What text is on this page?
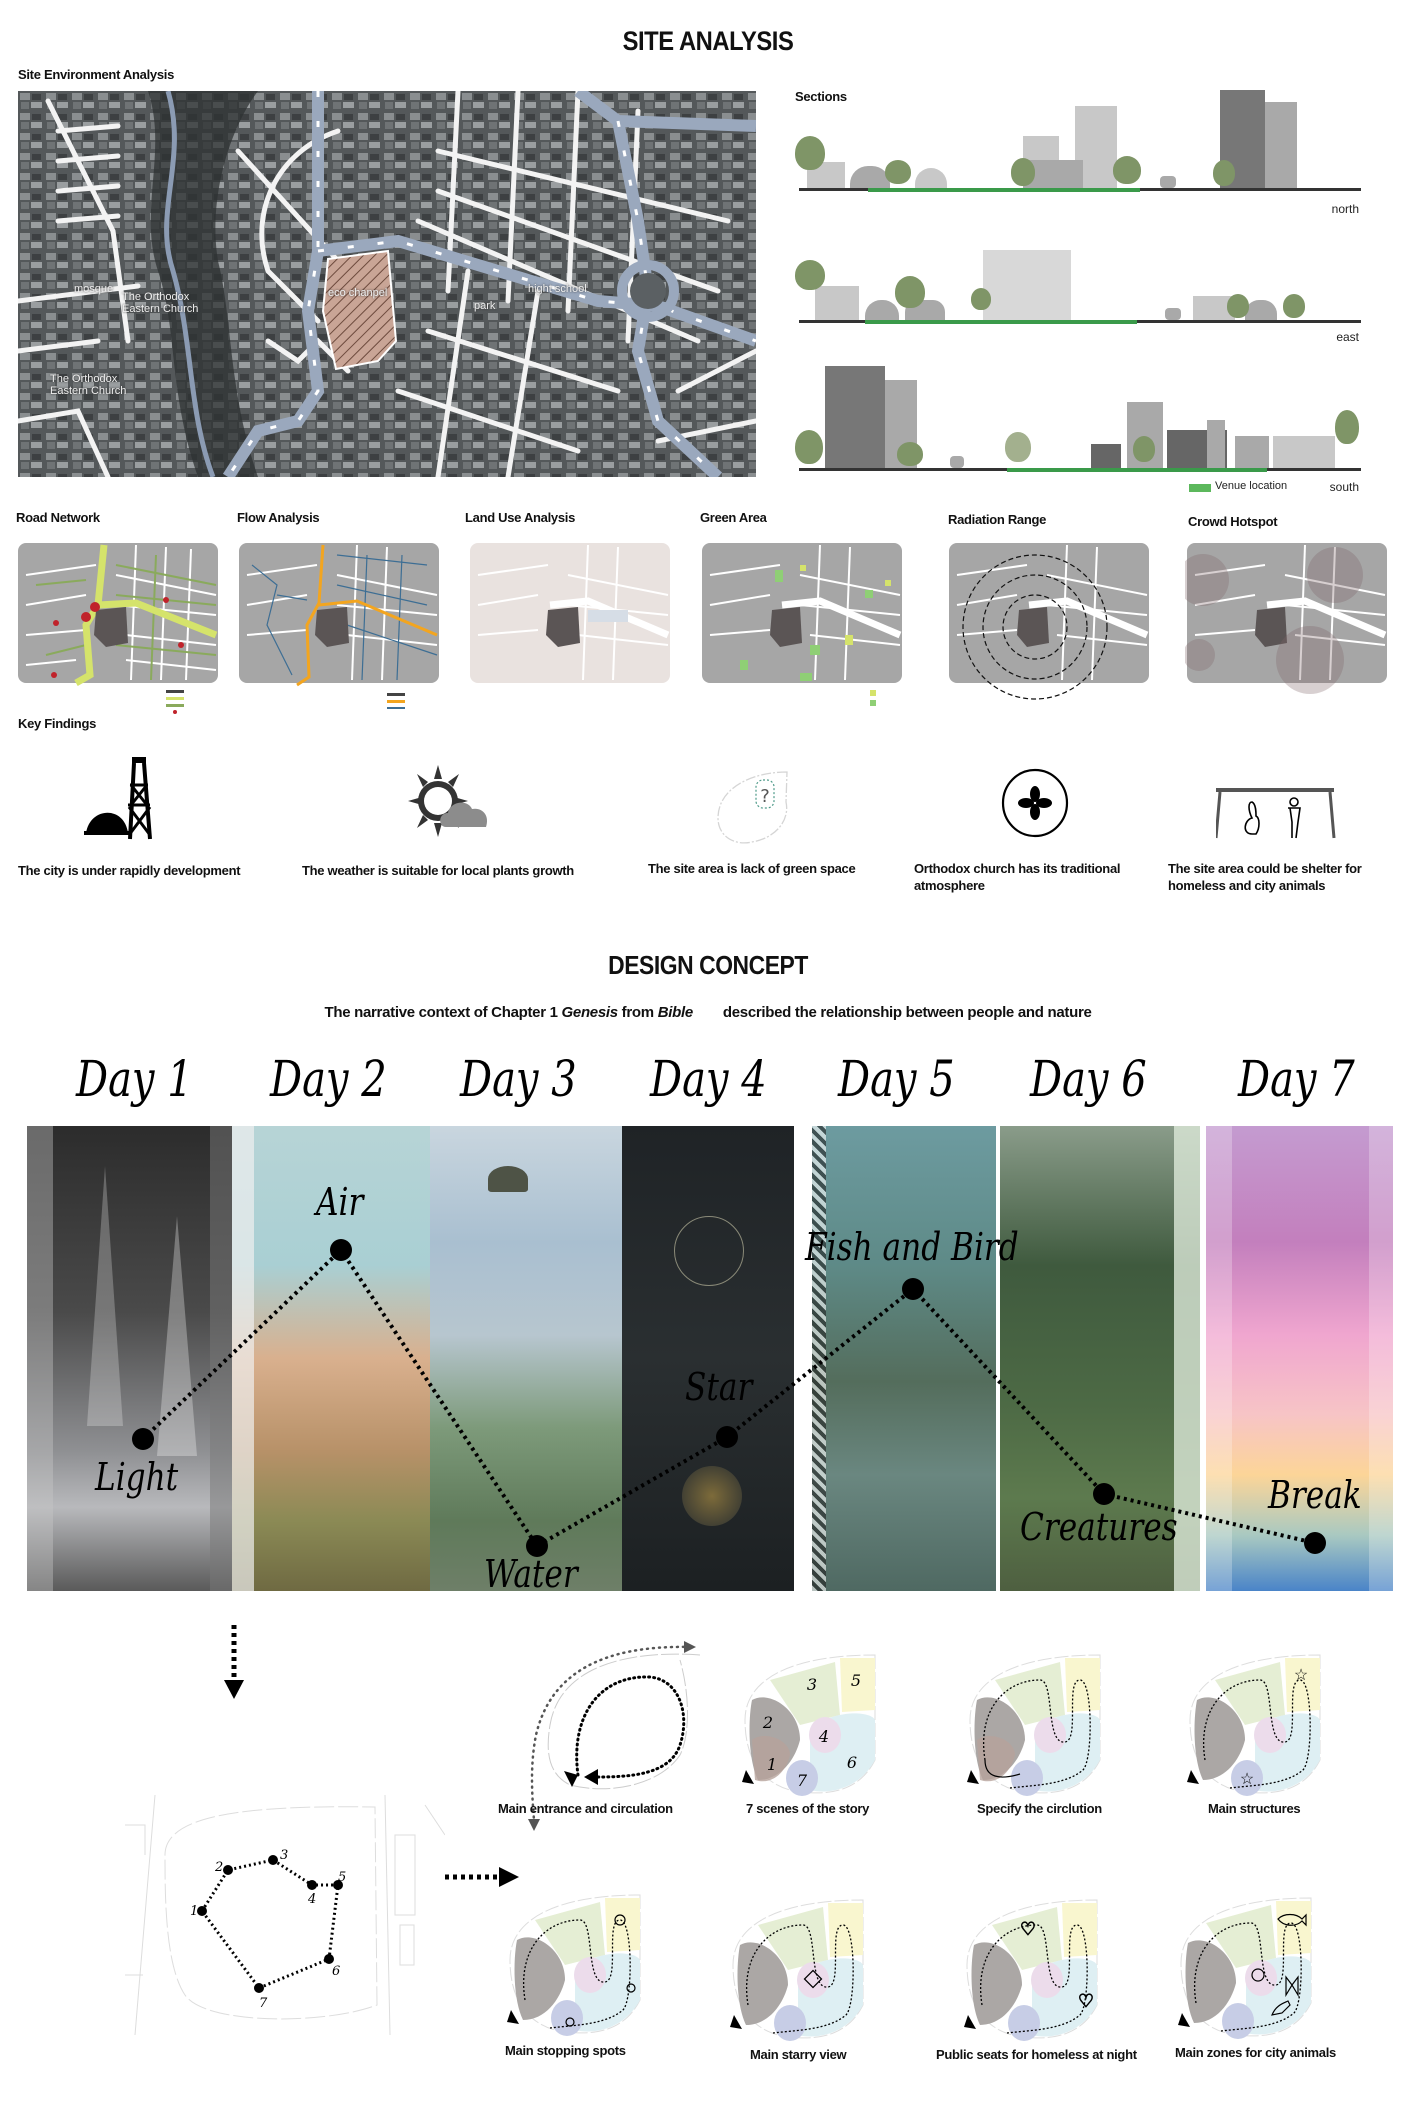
SITE ANALYSIS
Site Environment Analysis
mosque
The Orthodox Eastern Church
The Orthodox Eastern Church
eco chanpel	hight school
park
Sections
north
east
Venue location	south
Road Network	Flow Analysis	Land Use Analysis	Green Area	Radiation Range	Crowd Hotspot
Key Findings
The city is under rapidly development	The weather is suitable for local plants growth
?
The site area is lack of green space	Orthodox church has its traditional atmosphere
The site area could be shelter for homeless and city animals
DESIGN CONCEPT
The narrative context of Chapter 1 Genesis from Bible described the relationship between people and nature
Day 1 Day 2 Day 3 Day 4 Day 5 Day 6 Day 7
Light
Air
Water
Star
Fish and Bird
Creatures
Break
1
2
3
4
5
6
7
Main entrance and circulation
1
2
3
4
5
6
7
7 scenes of the story	Specify the circlution
☆
☆
Main structures
Main stopping spots	Main starry view
♡
♡
Public seats for homeless at night	Main zones for city animals
